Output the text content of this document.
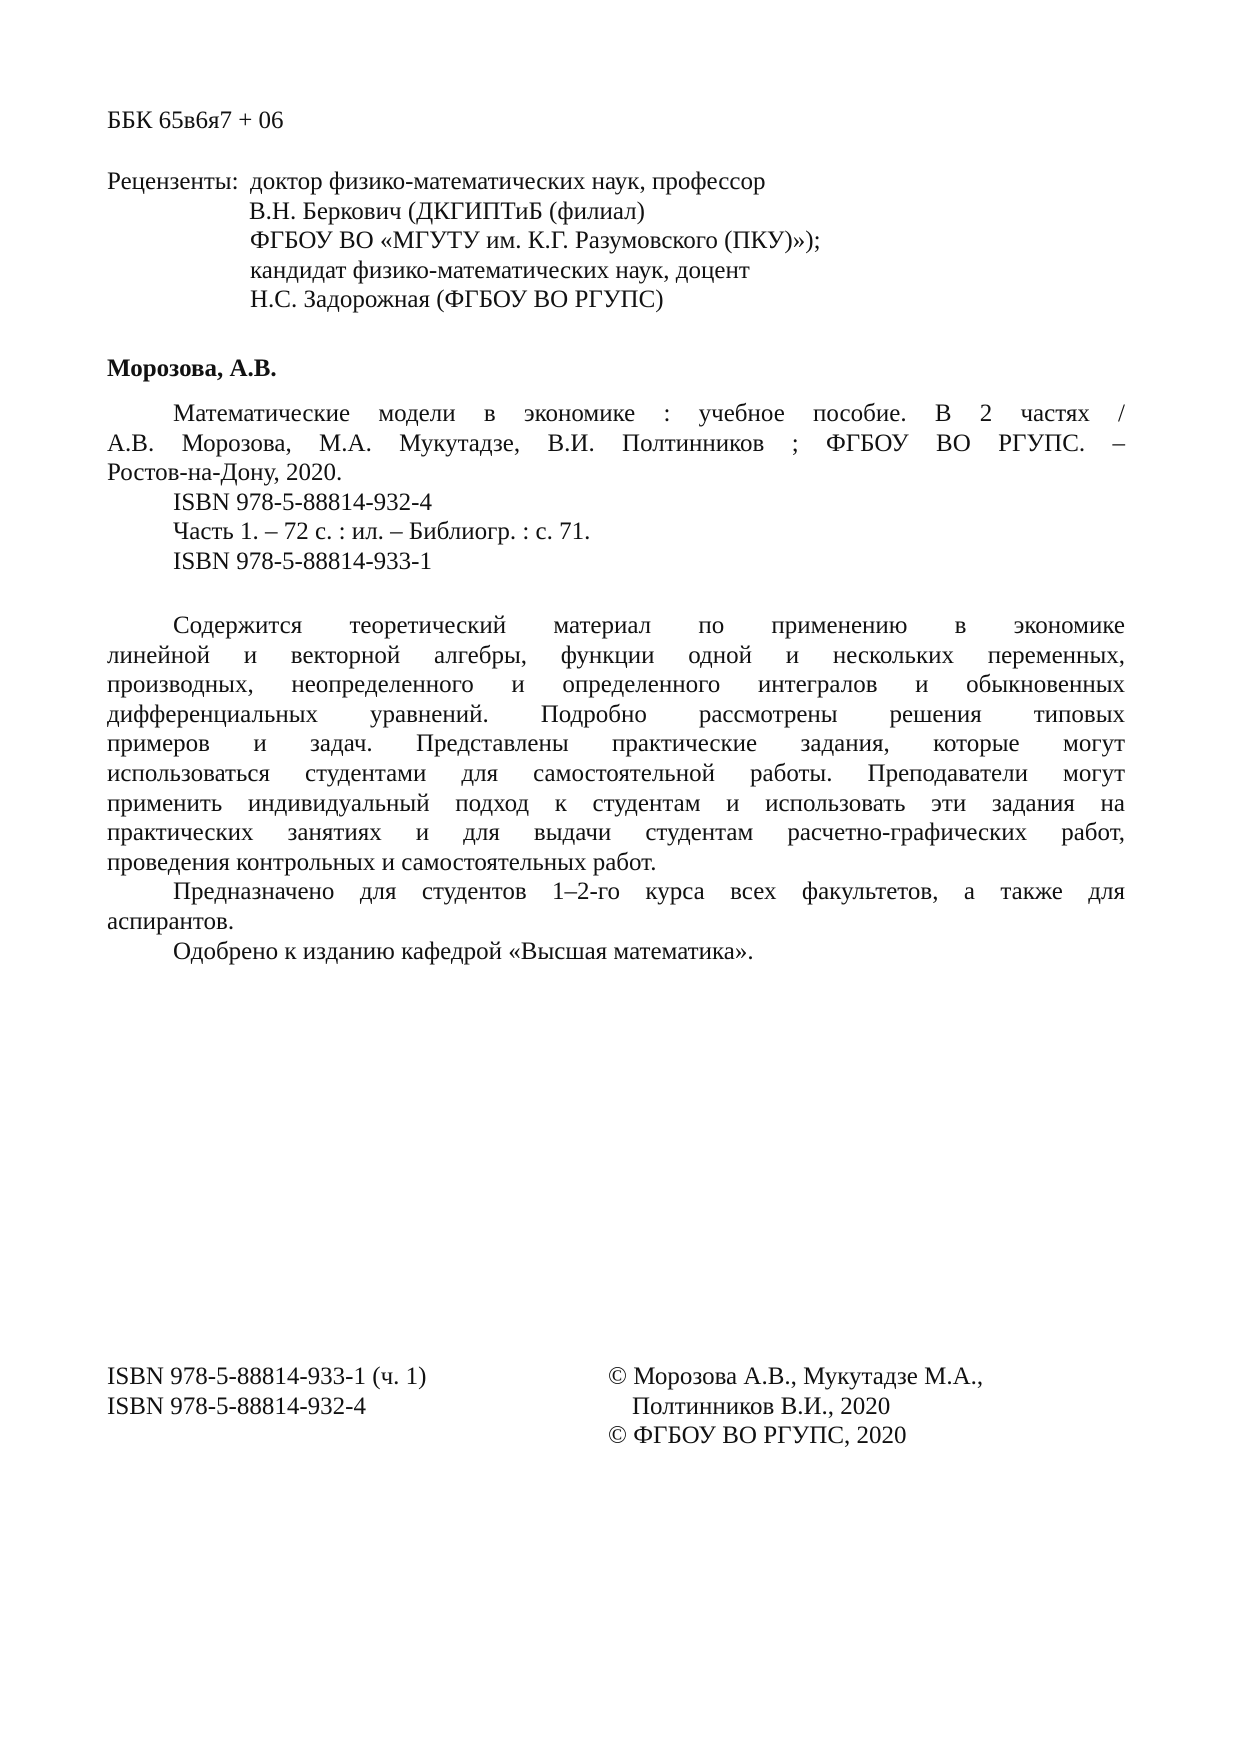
ББК 65в6я7 + 06
Рецензенты: доктор физико-математических наук, профессор
В.Н. Беркович (ДКГИПТиБ (филиал)
ФГБОУ ВО «МГУТУ им. К.Г. Разумовского (ПКУ)»);
кандидат физико-математических наук, доцент
Н.С. Задорожная (ФГБОУ ВО РГУПС)
Морозова, А.В.
Математические модели в экономике : учебное пособие. В 2 частях /
А.В. Морозова, М.А. Мукутадзе, В.И. Полтинников ; ФГБОУ ВО РГУПС. –
Ростов-на-Дону, 2020.
ISBN 978-5-88814-932-4
Часть 1. – 72 с. : ил. – Библиогр. : с. 71.
ISBN 978-5-88814-933-1
Содержится теоретический материал по применению в экономике
линейной и векторной алгебры, функции одной и нескольких переменных,
производных, неопределенного и определенного интегралов и обыкновенных
дифференциальных уравнений. Подробно рассмотрены решения типовых
примеров и задач. Представлены практические задания, которые могут
использоваться студентами для самостоятельной работы. Преподаватели могут
применить индивидуальный подход к студентам и использовать эти задания на
практических занятиях и для выдачи студентам расчетно-графических работ,
проведения контрольных и самостоятельных работ.
Предназначено для студентов 1–2-го курса всех факультетов, а также для
аспирантов.
Одобрено к изданию кафедрой «Высшая математика».
ISBN 978-5-88814-933-1 (ч. 1)
ISBN 978-5-88814-932-4
© Морозова А.В., Мукутадзе М.А.,
Полтинников В.И., 2020
© ФГБОУ ВО РГУПС, 2020
